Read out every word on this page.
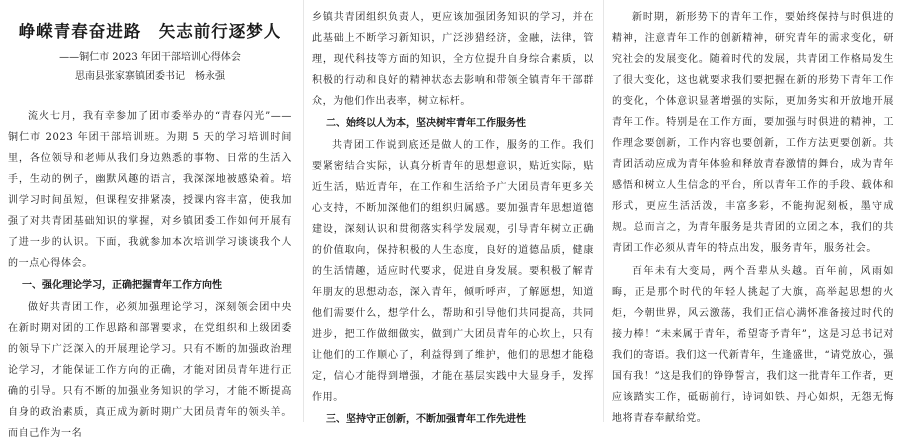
峥嵘青春奋进路　矢志前行逐梦人
——铜仁市 2023 年团干部培训心得体会
思南县张家寨镇团委书记　杨永强

流火七月，我有幸参加了团市委举办的“青春闪光”——铜仁市 2023 年团干部培训班。为期 5 天的学习培训时间里，各位领导和老师从我们身边熟悉的事物、日常的生活入手，生动的例子，幽默风趣的语言，我深深地被感染着。培训学习时间虽短，但课程安排紧凑，授课内容丰富，使我加强了对共青团基础知识的掌握，对乡镇团委工作如何开展有了进一步的认识。下面，我就参加本次培训学习谈谈我个人的一点心得体会。

一、强化理论学习，正确把握青年工作方向性

做好共青团工作，必须加强理论学习，深刻领会团中央在新时期对团的工作思路和部署要求，在党组织和上级团委的领导下广泛深入的开展理论学习。只有不断的加强政治理论学习，才能保证工作方向的正确，才能对团员青年进行正确的引导。只有不断的加强业务知识的学习，才能不断提高自身的政治素质，真正成为新时期广大团员青年的领头羊。而自己作为一名

乡镇共青团组织负责人，更应该加强团务知识的学习，并在此基础上不断学习新知识，广泛涉猎经济，金融，法律，管理，现代科技等方面的知识，全方位提升自身综合素质，以积极的行动和良好的精神状态去影响和带领全镇青年干部群众，为他们作出表率，树立标杆。

二、始终以人为本，坚决树牢青年工作服务性

共青团工作说到底还是做人的工作，服务的工作。我们要紧密结合实际，认真分析青年的思想意识，贴近实际，贴近生活，贴近青年，在工作和生活给予广大团员青年更多关心支持，不断加深他们的组织归属感。要加强青年思想道德建设，深刻认识和贯彻落实科学发展观，引导青年树立正确的价值取向，保持积极的人生态度，良好的道德品质，健康的生活情趣，适应时代要求，促进自身发展。要积极了解青年朋友的思想动态，深入青年，倾听呼声，了解愿想，知道他们需要什么，想学什么，帮助和引导他们共同提高，共同进步，把工作做细做实，做到广大团员青年的心坎上，只有让他们的工作顺心了，利益得到了维护，他们的思想才能稳定，信心才能得到增强，才能在基层实践中大显身手，发挥作用。

三、坚持守正创新，不断加强青年工作先进性

新时期，新形势下的青年工作，要始终保持与时俱进的精神，注意青年工作的创新精神，研究青年的需求变化，研究社会的发展变化。随着时代的发展，共青团工作格局发生了很大变化，这也就要求我们要把握在新的形势下青年工作的变化，个体意识显著增强的实际，更加务实和开放地开展青年工作。特别是在工作方面，要加强与时俱进的精神，工作理念要创新，工作内容也要创新，工作方法更要创新。共青团活动应成为青年体验和释放青春激情的舞台，成为青年感悟和树立人生信念的平台，所以青年工作的手段、载体和形式，更应生活活泼，丰富多彩，不能拘泥刻板，墨守成规。总而言之，为青年服务是共青团的立团之本，我们的共青团工作必须从青年的特点出发，服务青年，服务社会。

百年未有大变局，两个吾辈从头越。百年前，风雨如晦，正是那个时代的年轻人挑起了大旗，高举起思想的火炬，今朝世界，风云激荡，我们正信心满怀准备接过时代的接力棒！“未来属于青年，希望寄予青年”，这是习总书记对我们的寄语。我们这一代新青年，生逢盛世，“请党放心，强国有我！”这是我们的铮铮誓言，我们这一批青年工作者，更应该踏实工作，砥砺前行，诗词如铁、丹心如炽，无怨无悔地将青春奉献给党。
